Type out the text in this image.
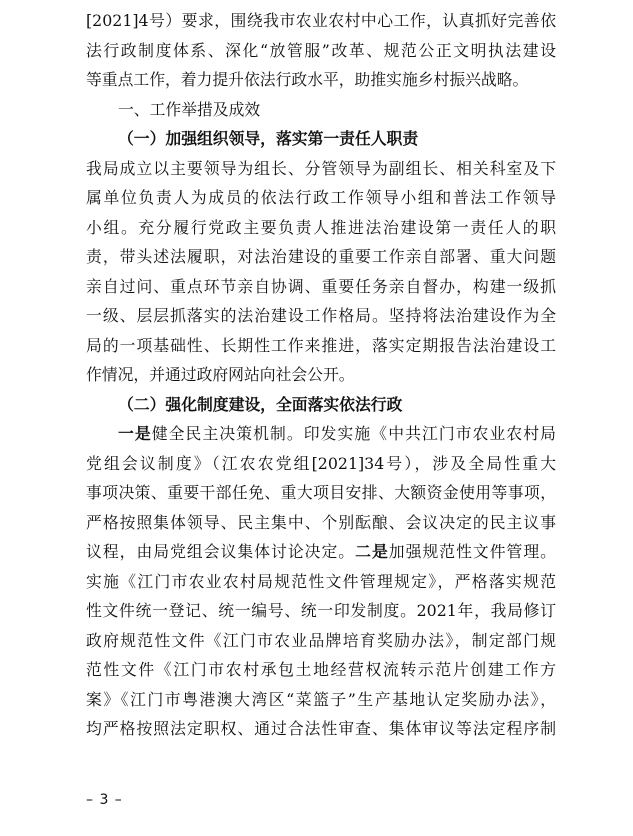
[2021]4号）要求，围绕我市农业农村中心工作，认真抓好完善依
法行政制度体系、深化“放管服”改革、规范公正文明执法建设
等重点工作，着力提升依法行政水平，助推实施乡村振兴战略。
一、工作举措及成效
（一）加强组织领导，落实第一责任人职责
我局成立以主要领导为组长、分管领导为副组长、相关科室及下
属单位负责人为成员的依法行政工作领导小组和普法工作领导
小组。充分履行党政主要负责人推进法治建设第一责任人的职
责，带头述法履职，对法治建设的重要工作亲自部署、重大问题
亲自过问、重点环节亲自协调、重要任务亲自督办，构建一级抓
一级、层层抓落实的法治建设工作格局。坚持将法治建设作为全
局的一项基础性、长期性工作来推进，落实定期报告法治建设工
作情况，并通过政府网站向社会公开。
（二）强化制度建设，全面落实依法行政
一是健全民主决策机制。印发实施《中共江门市农业农村局
党组会议制度》（江农农党组[2021]34号），涉及全局性重大
事项决策、重要干部任免、重大项目安排、大额资金使用等事项，
严格按照集体领导、民主集中、个别酝酿、会议决定的民主议事
议程，由局党组会议集体讨论决定。二是加强规范性文件管理。
实施《江门市农业农村局规范性文件管理规定》，严格落实规范
性文件统一登记、统一编号、统一印发制度。2021年，我局修订
政府规范性文件《江门市农业品牌培育奖励办法》，制定部门规
范性文件《江门市农村承包土地经营权流转示范片创建工作方
案》《江门市粤港澳大湾区“菜篮子”生产基地认定奖励办法》，
均严格按照法定职权、通过合法性审查、集体审议等法定程序制
– 3 –
